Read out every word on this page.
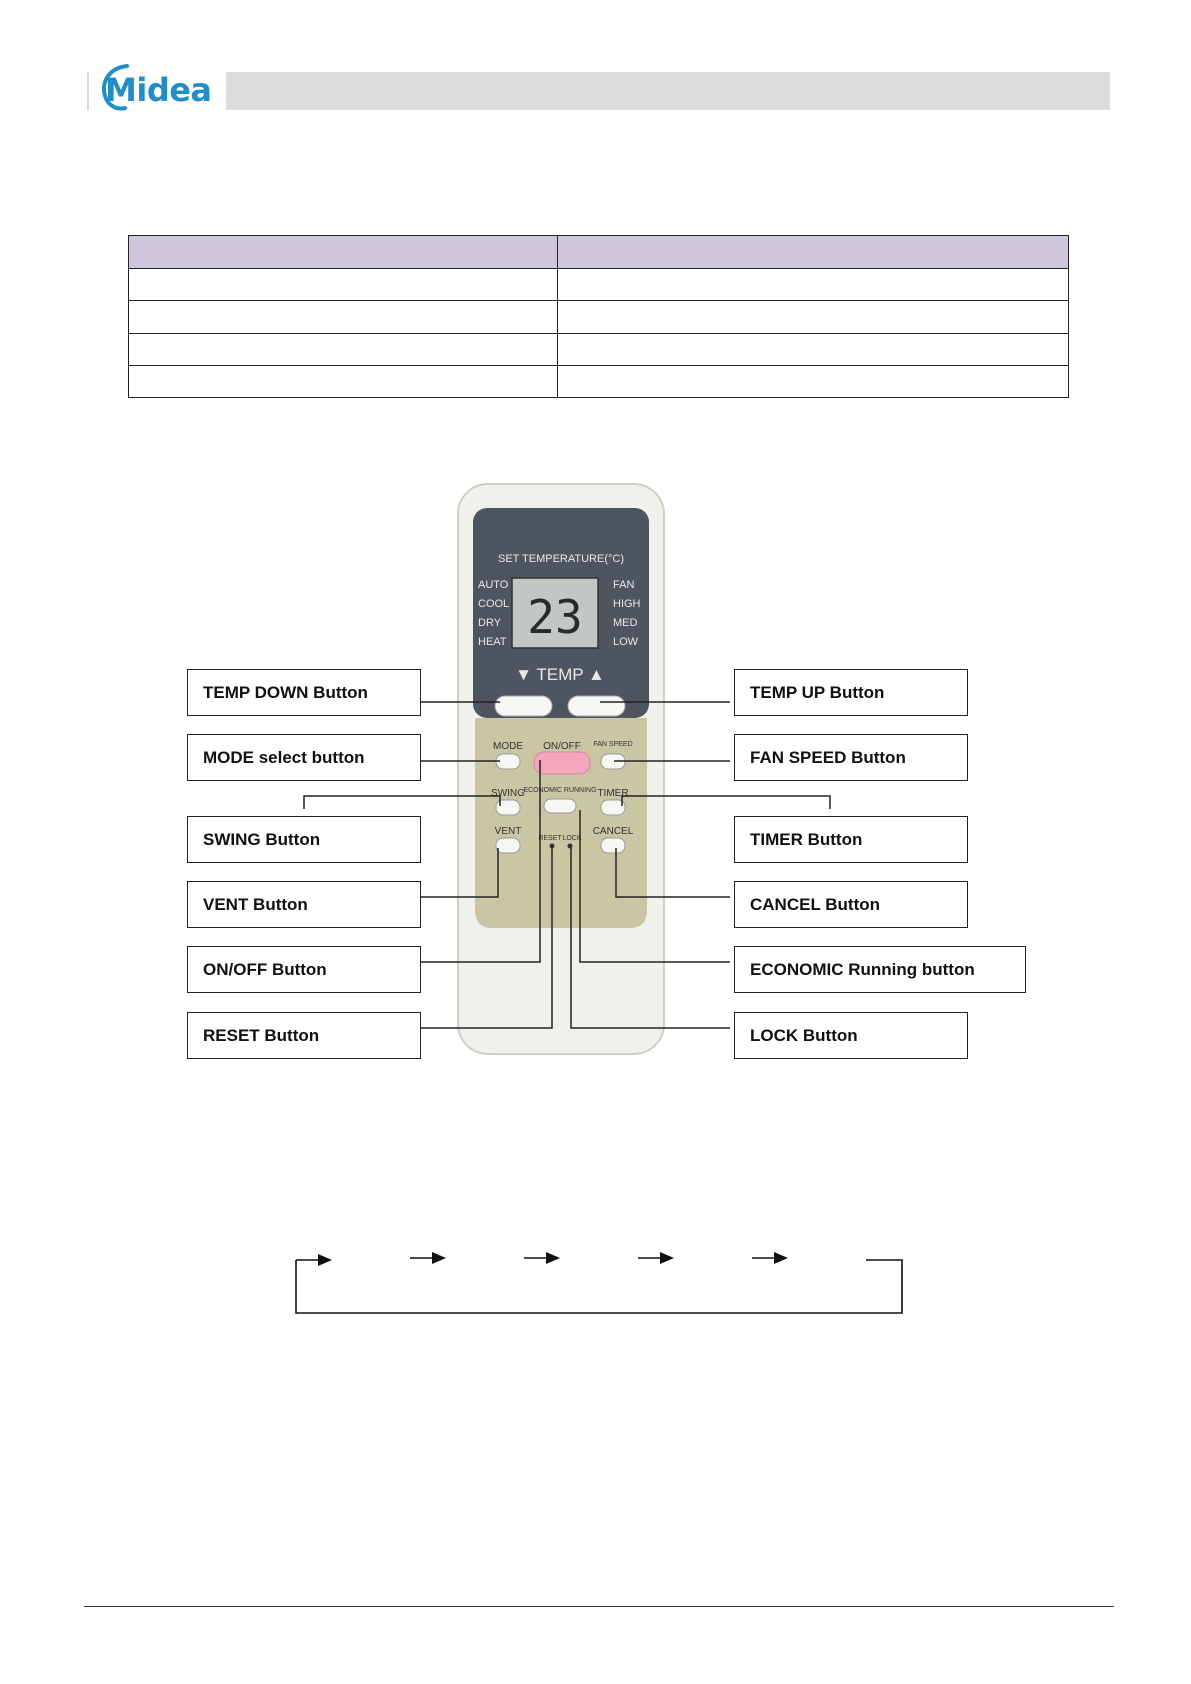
Midea

SET TEMPERATURE(°C)
AUTO
COOL
DRY
HEAT
FAN
HIGH
MED
LOW
23
▼ TEMP ▲
MODE ON/OFF FAN SPEED
SWING
ECONOMIC RUNNING TIMER
VENT	CANCEL
RESET LOCK
TEMP DOWN Button
MODE select button
SWING Button
VENT Button
ON/OFF Button
RESET Button
TEMP UP Button
FAN SPEED Button
TIMER Button
CANCEL Button
ECONOMIC Running button
LOCK Button
